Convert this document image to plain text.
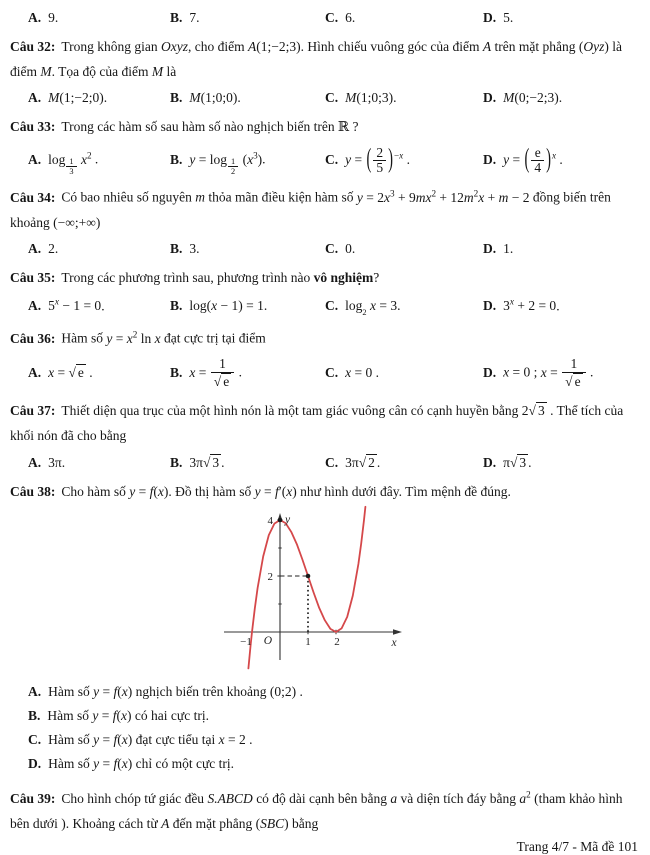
A. 9.	B. 7.	C. 6.	D. 5.

Câu 32: Trong không gian Oxyz, cho điểm A(1;−2;3). Hình chiếu vuông góc của điểm A trên mặt phẳng (Oyz) là điểm M. Tọa độ của điểm M là

A. M(1;−2;0).	B. M(1;0;0).	C. M(1;0;3).	D. M(0;−2;3).

Câu 33: Trong các hàm số sau hàm số nào nghịch biến trên ℝ ?

A. log $_{\frac{1}{3}}$ $x^2$ .	B. y = log $_{\frac{1}{2}}$ $(x^3)$.	C. y = ( $\frac{2}{5} )^{-x}$ .	D. y = ( $\frac{e}{4} )^x$ .

Câu 34: Có bao nhiêu số nguyên m thỏa mãn điều kiện hàm số $y = 2x^3 + 9mx^2 + 12m^2x + m - 2$ đồng biến trên khoảng (−∞;+∞)

A. 2.	B. 3.	C. 0.	D. 1.

Câu 35: Trong các phương trình sau, phương trình nào vô nghiệm?

A. $5^x - 1 = 0$.	B. log(x − 1) = 1.	C. $\log_2 x = 3$.	D. $3^x + 2 = 0$.

Câu 36: Hàm số $y = x^2$ ln x đạt cực trị tại điểm

A. x = √ e .	B. $x = \frac{1}{√ e}$ .	C. x = 0 .	D. x = 0 ; $x = \frac{1}{√ e}$ .

Câu 37: Thiết diện qua trục của một hình nón là một tam giác vuông cân có cạnh huyền bằng 2√ 3 . Thể tích của khối nón đã cho bằng

A. 3π.	B. 3π√ 3 .	C. 3π√ 2 .	D. π√ 3 .

Câu 38: Cho hàm số y = f(x). Đồ thị hàm số y = f′(x) như hình dưới đây. Tìm mệnh đề đúng.

−1	1 2
O	x
y
2
4
A. Hàm số y = f(x) nghịch biến trên khoảng (0;2) .
B. Hàm số y = f(x) có hai cực trị.
C. Hàm số y = f(x) đạt cực tiểu tại x = 2 .
D. Hàm số y = f(x) chỉ có một cực trị.

Câu 39: Cho hình chóp tứ giác đều S.ABCD có độ dài cạnh bên bằng a và diện tích đáy bằng $a^2$ (tham khảo hình bên dưới ). Khoảng cách từ A đến mặt phẳng (SBC) bằng

Trang 4/7 - Mã đề 101
